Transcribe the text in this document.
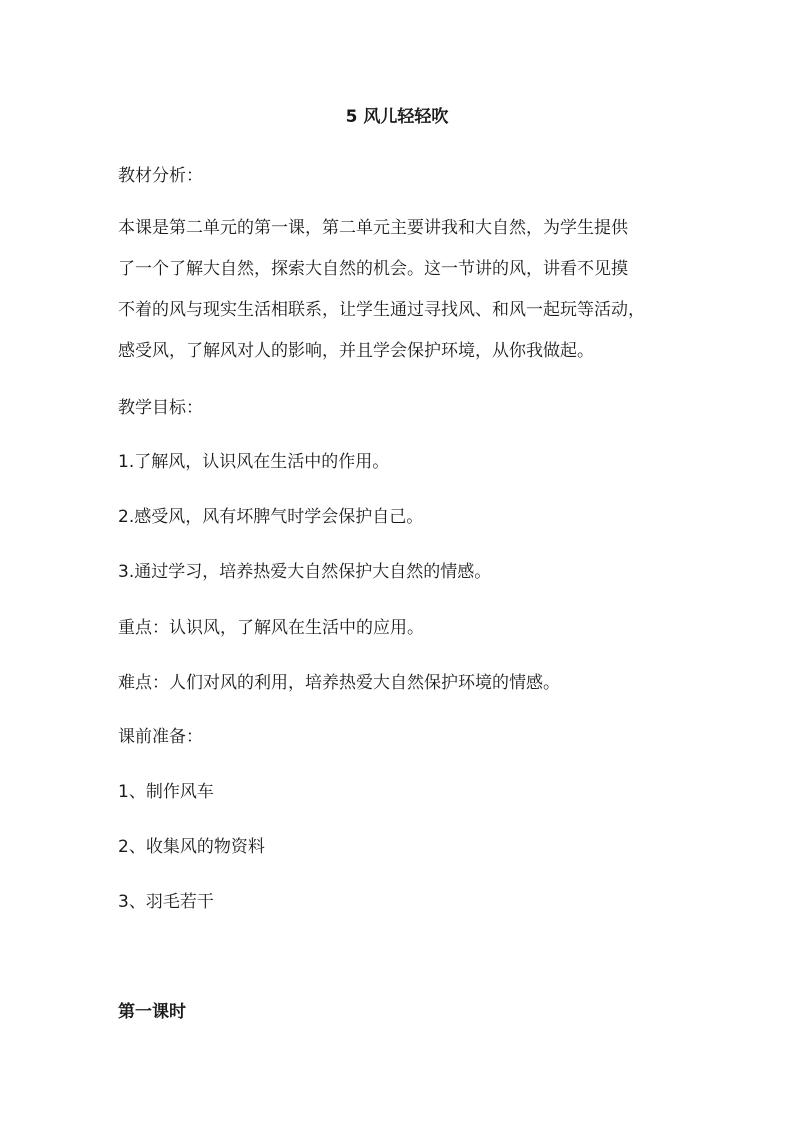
5 风儿轻轻吹
教材分析：
本课是第二单元的第一课，第二单元主要讲我和大自然，为学生提供
了一个了解大自然，探索大自然的机会。这一节讲的风，讲看不见摸
不着的风与现实生活相联系，让学生通过寻找风、和风一起玩等活动，
感受风，了解风对人的影响，并且学会保护环境，从你我做起。
教学目标：
1.了解风，认识风在生活中的作用。
2.感受风，风有坏脾气时学会保护自己。
3.通过学习，培养热爱大自然保护大自然的情感。
重点：认识风，了解风在生活中的应用。
难点：人们对风的利用，培养热爱大自然保护环境的情感。
课前准备：
1、制作风车
2、收集风的物资料
3、羽毛若干
第一课时
